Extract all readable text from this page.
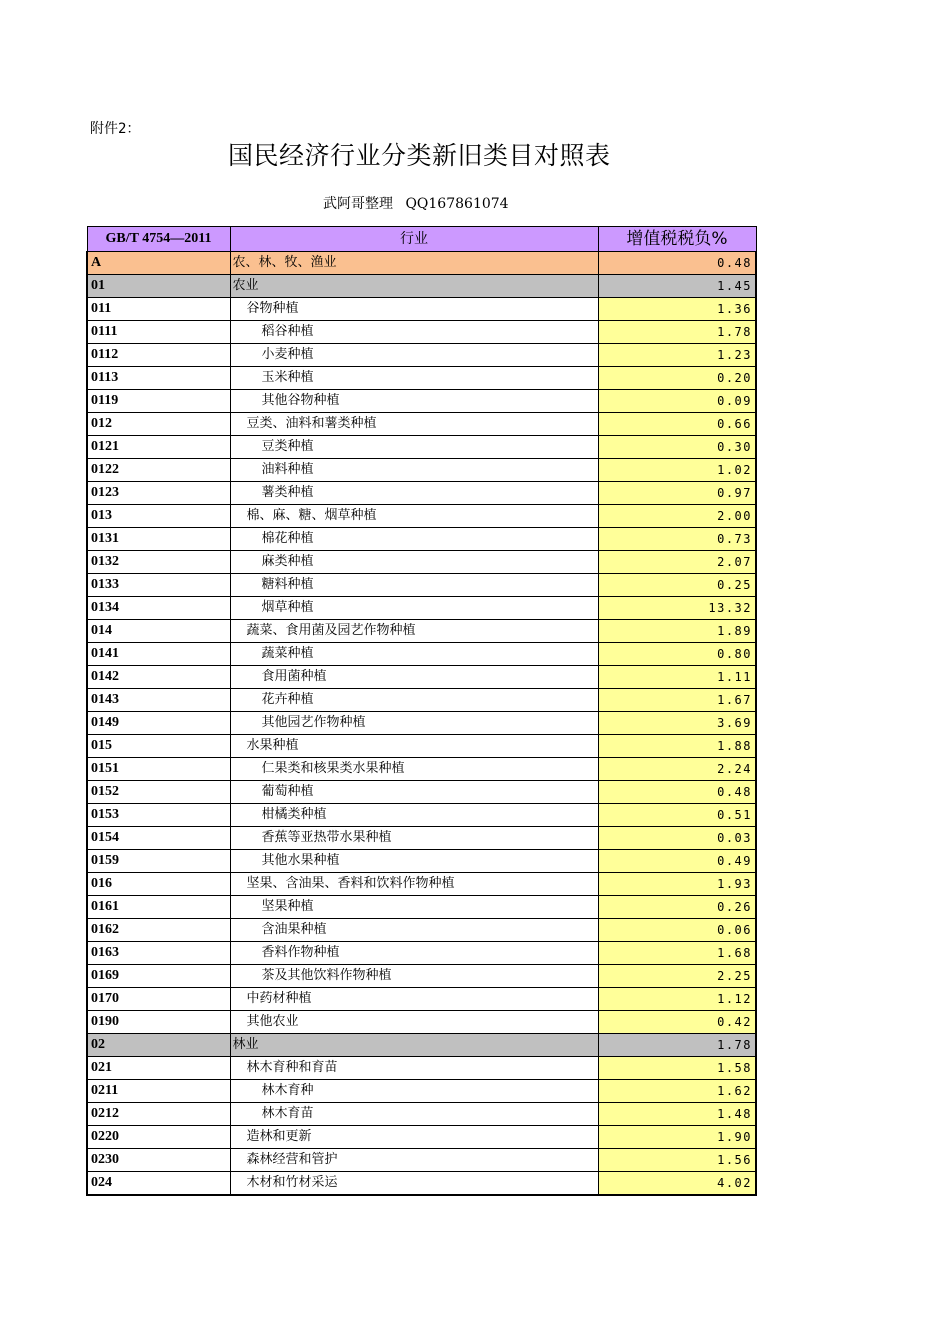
附件2：
国民经济行业分类新旧类目对照表
武阿哥整理 QQ167861074
GB/T 4754—2011	行业	增值税税负%
A	农、林、牧、渔业	0.48
01	农业	1.45
011	谷物种植	1.36
0111	稻谷种植	1.78
0112	小麦种植	1.23
0113	玉米种植	0.20
0119	其他谷物种植	0.09
012	豆类、油料和薯类种植	0.66
0121	豆类种植	0.30
0122	油料种植	1.02
0123	薯类种植	0.97
013	棉、麻、糖、烟草种植	2.00
0131	棉花种植	0.73
0132	麻类种植	2.07
0133	糖料种植	0.25
0134	烟草种植	13.32
014	蔬菜、食用菌及园艺作物种植	1.89
0141	蔬菜种植	0.80
0142	食用菌种植	1.11
0143	花卉种植	1.67
0149	其他园艺作物种植	3.69
015	水果种植	1.88
0151	仁果类和核果类水果种植	2.24
0152	葡萄种植	0.48
0153	柑橘类种植	0.51
0154	香蕉等亚热带水果种植	0.03
0159	其他水果种植	0.49
016	坚果、含油果、香料和饮料作物种植	1.93
0161	坚果种植	0.26
0162	含油果种植	0.06
0163	香料作物种植	1.68
0169	茶及其他饮料作物种植	2.25
0170	中药材种植	1.12
0190	其他农业	0.42
02	林业	1.78
021	林木育种和育苗	1.58
0211	林木育种	1.62
0212	林木育苗	1.48
0220	造林和更新	1.90
0230	森林经营和管护	1.56
024	木材和竹材采运	4.02
